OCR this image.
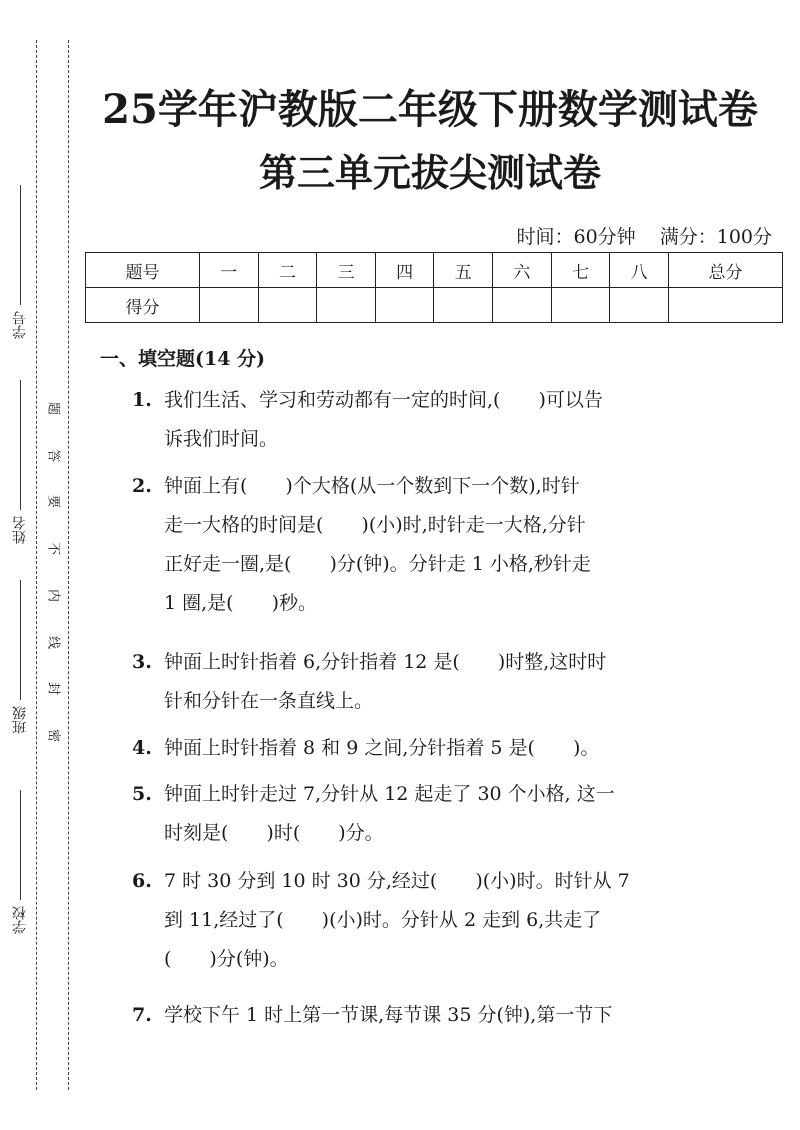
学号
姓名
班级
学校
题
答
要
不
内
线
封
密
25学年沪教版二年级下册数学测试卷
第三单元拔尖测试卷
时间：60分钟 满分：100分
题号	一	二	三	四	五	六	七	八	总分
得分									
一、填空题(14 分)
1. 我们生活、学习和劳动都有一定的时间,(　　)可以告
诉我们时间。
2. 钟面上有(　　)个大格(从一个数到下一个数),时针
走一大格的时间是(　　)(小)时,时针走一大格,分针
正好走一圈,是(　　)分(钟)。分针走 1 小格,秒针走
1 圈,是(　　)秒。
3. 钟面上时针指着 6,分针指着 12 是(　　)时整,这时时
针和分针在一条直线上。
4. 钟面上时针指着 8 和 9 之间,分针指着 5 是(　　)。
5. 钟面上时针走过 7,分针从 12 起走了 30 个小格, 这一
时刻是(　　)时(　　)分。
6. 7 时 30 分到 10 时 30 分,经过(　　)(小)时。时针从 7
到 11,经过了(　　)(小)时。分针从 2 走到 6,共走了
(　　)分(钟)。
7. 学校下午 1 时上第一节课,每节课 35 分(钟),第一节下
